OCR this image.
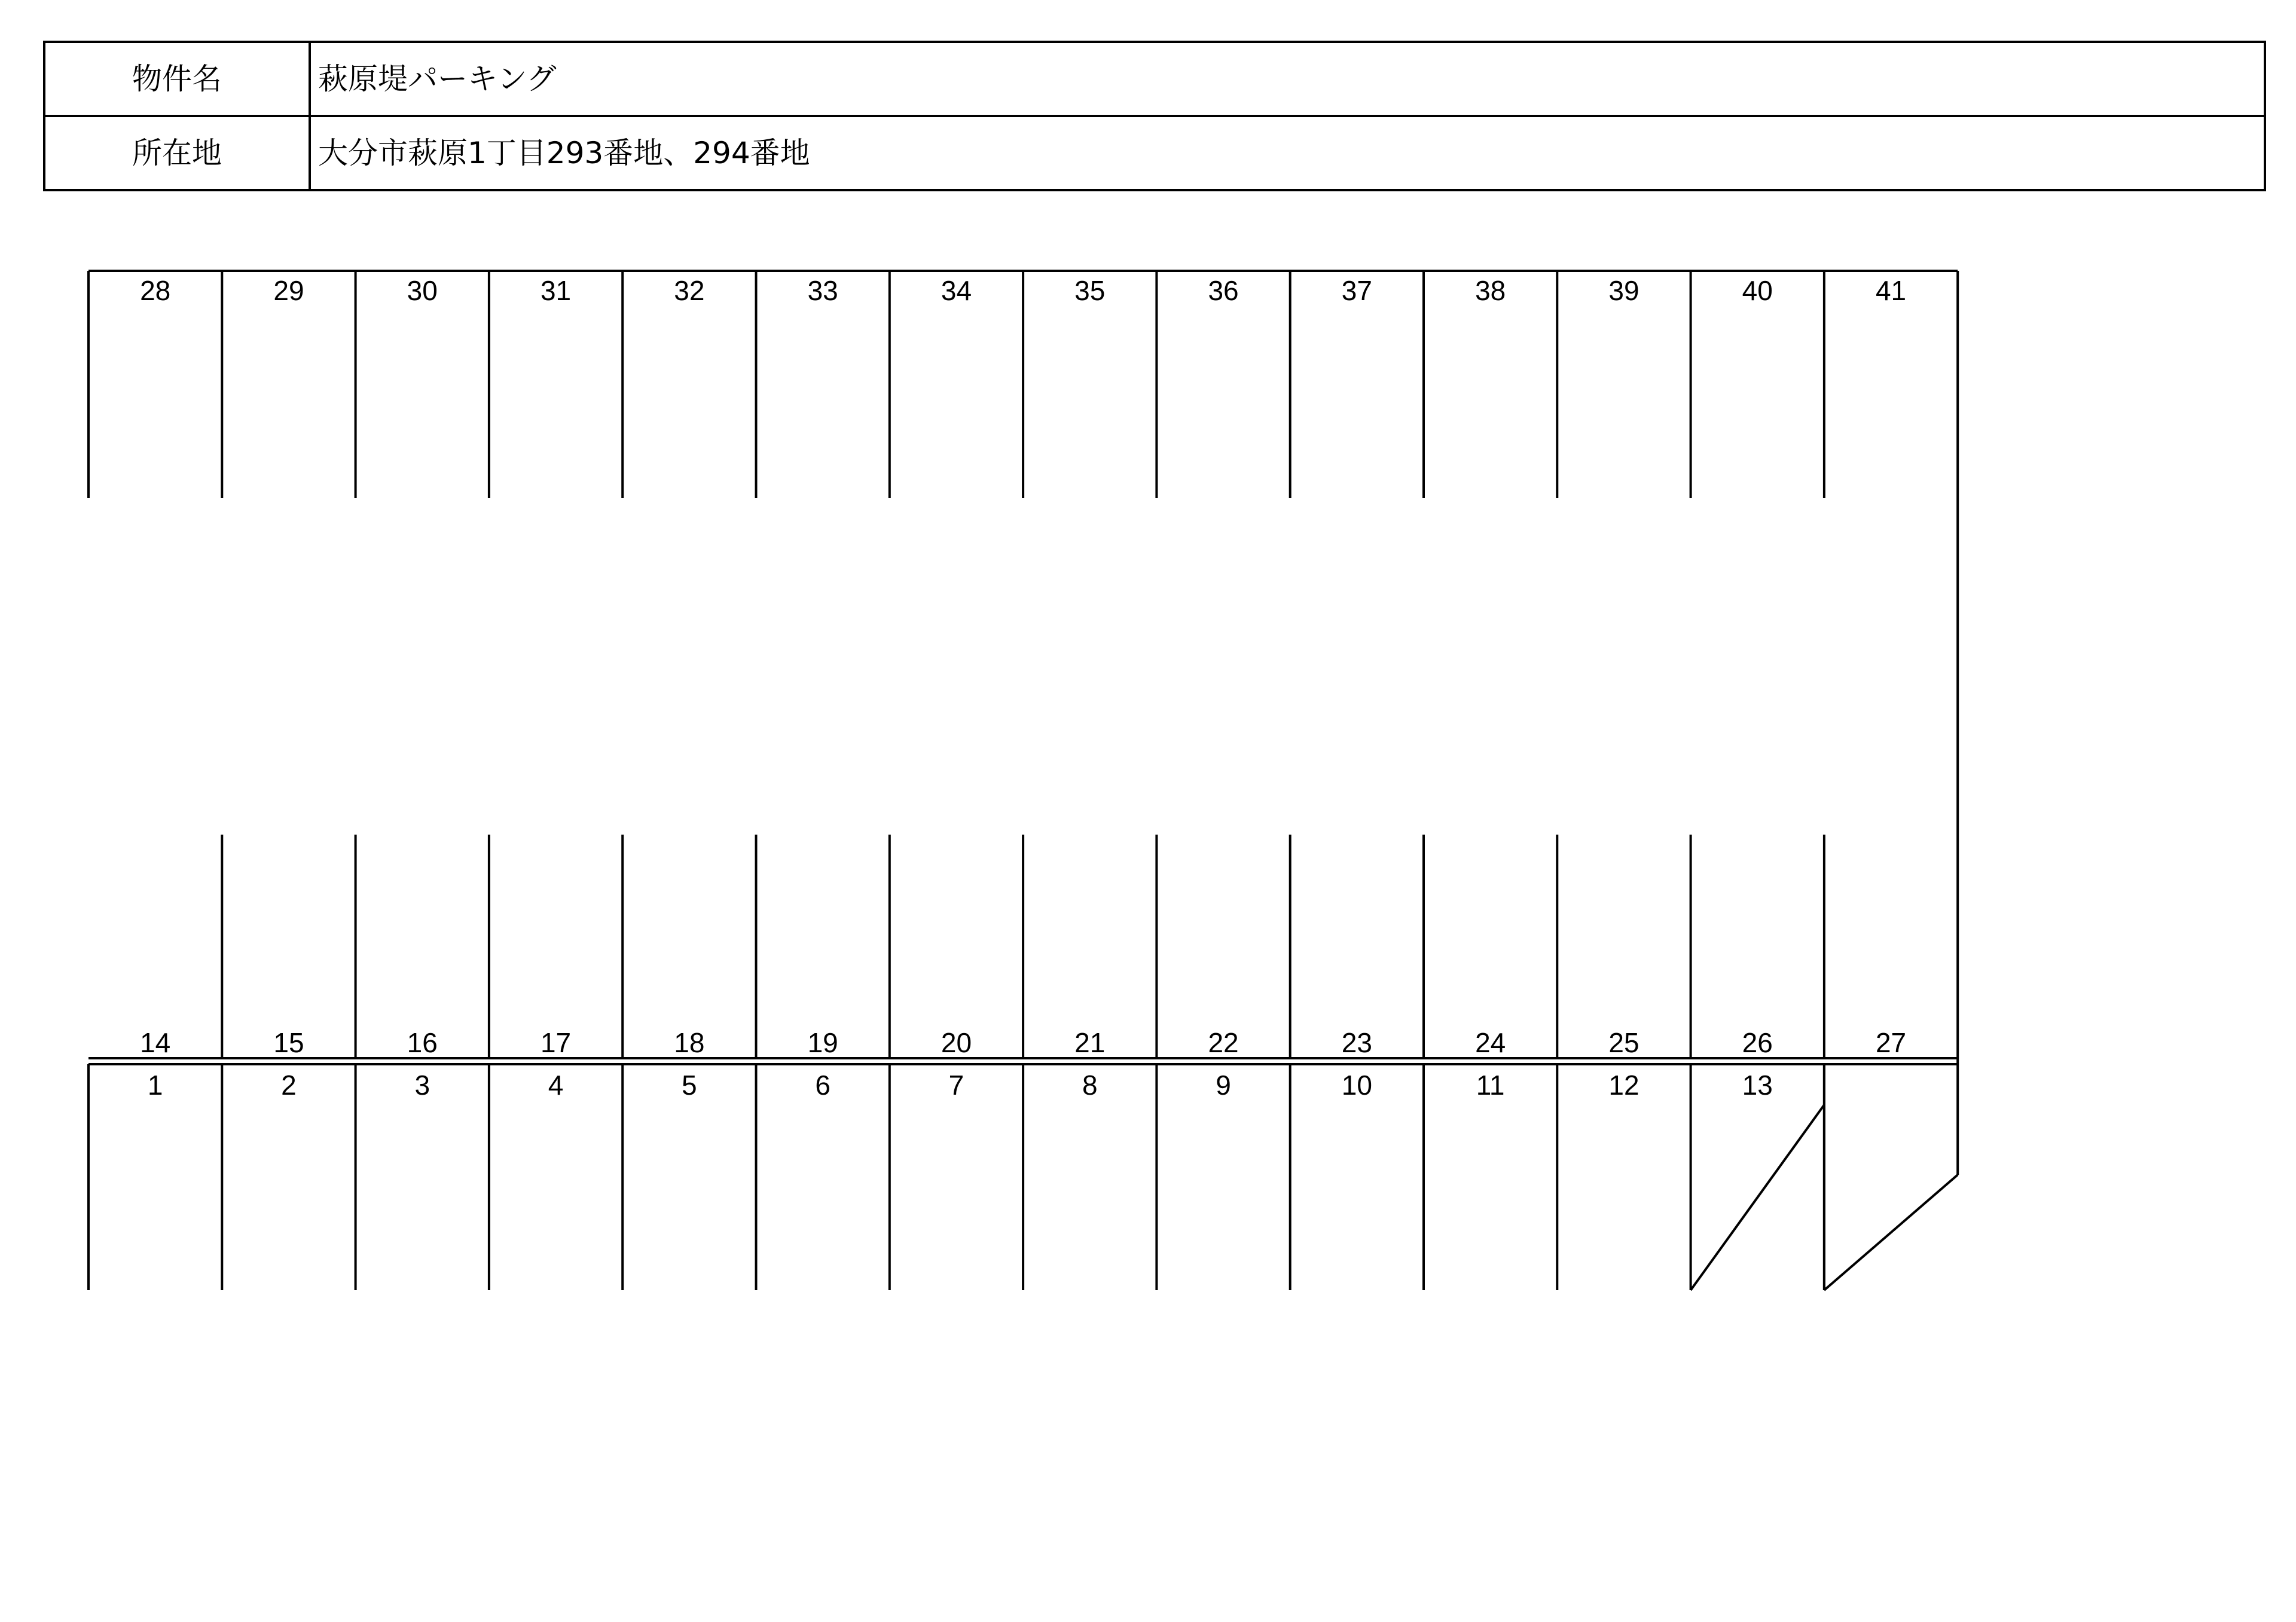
物件名	萩原堤パーキング
所在地	大分市萩原1丁目293番地、294番地
28	29	30	31	32	33	34	35	36	37	38	39	40	41
14	15	16	17	18	19	20	21	22	23	24	25	26	27
1	2	3	4	5	6	7	8	9	10	11	12	13
